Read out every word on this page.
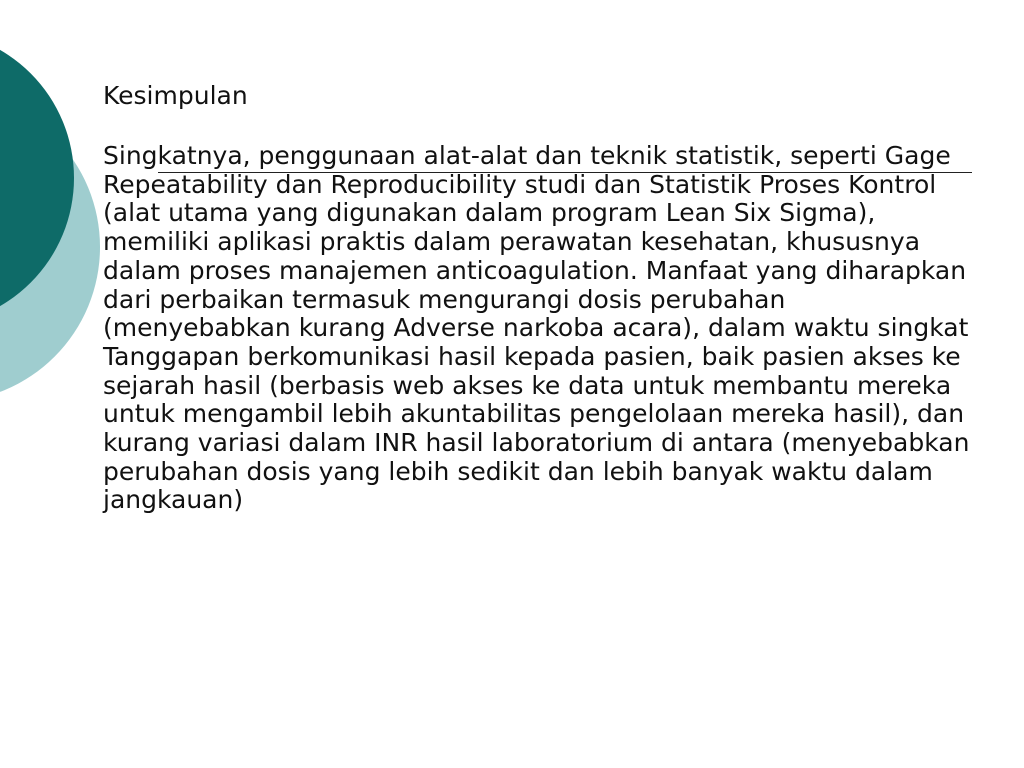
Kesimpulan

Singkatnya, penggunaan alat-alat dan teknik statistik, seperti Gage Repeatability dan Reproducibility studi dan Statistik Proses Kontrol (alat utama yang digunakan dalam program Lean Six Sigma), memiliki aplikasi praktis dalam perawatan kesehatan, khususnya dalam proses manajemen anticoagulation. Manfaat yang diharapkan dari perbaikan termasuk mengurangi dosis perubahan (menyebabkan kurang Adverse narkoba acara), dalam waktu singkat Tanggapan berkomunikasi hasil kepada pasien, baik pasien akses ke sejarah hasil (berbasis web akses ke data untuk membantu mereka untuk mengambil lebih akuntabilitas pengelolaan mereka hasil), dan kurang variasi dalam INR hasil laboratorium di antara (menyebabkan perubahan dosis yang lebih sedikit dan lebih banyak waktu dalam jangkauan)
